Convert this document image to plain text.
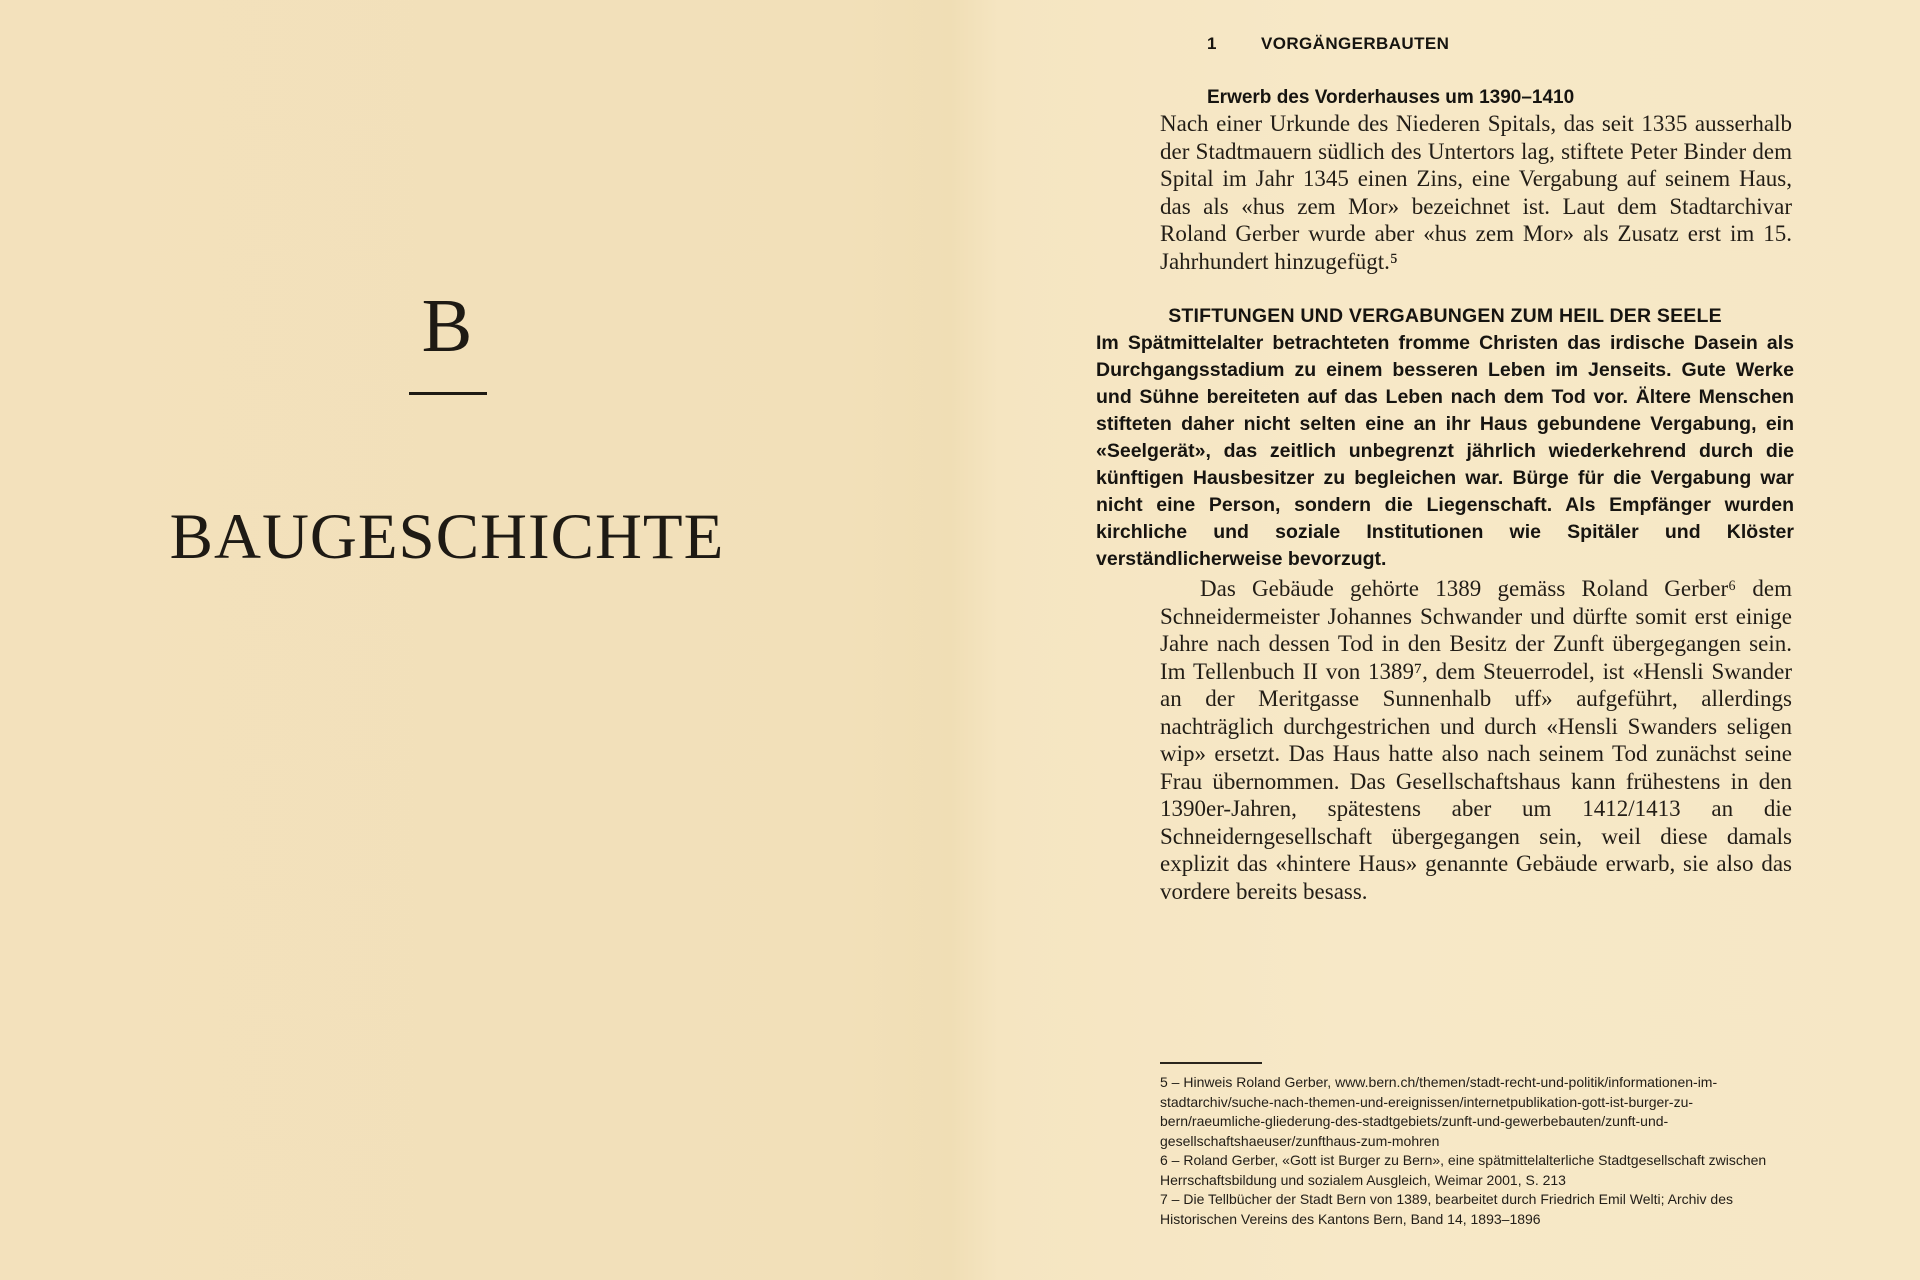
B
BAUGESCHICHTE
1	VORGÄNGERBAUTEN
Erwerb des Vorderhauses um 1390–1410
Nach einer Urkunde des Niederen Spitals, das seit 1335 ausserhalb der Stadtmauern südlich des Untertors lag, stiftete Peter Binder dem Spital im Jahr 1345 einen Zins, eine Vergabung auf seinem Haus, das als «hus zem Mor» bezeichnet ist. Laut dem Stadtarchivar Roland Gerber wurde aber «hus zem Mor» als Zusatz erst im 15. Jahrhundert hinzugefügt.⁵
STIFTUNGEN UND VERGABUNGEN ZUM HEIL DER SEELE
Im Spätmittelalter betrachteten fromme Christen das irdische Dasein als Durchgangsstadium zu einem besseren Leben im Jenseits. Gute Werke und Sühne bereiteten auf das Leben nach dem Tod vor. Ältere Menschen stifteten daher nicht selten eine an ihr Haus gebundene Vergabung, ein «Seelgerät», das zeitlich unbegrenzt jährlich wiederkehrend durch die künftigen Hausbesitzer zu begleichen war. Bürge für die Vergabung war nicht eine Person, sondern die Liegenschaft. Als Empfänger wurden kirchliche und soziale Institutionen wie Spitäler und Klöster verständlicherweise bevorzugt.
Das Gebäude gehörte 1389 gemäss Roland Gerber⁶ dem Schneidermeister Johannes Schwander und dürfte somit erst einige Jahre nach dessen Tod in den Besitz der Zunft übergegangen sein. Im Tellenbuch II von 1389⁷, dem Steuerrodel, ist «Hensli Swander an der Meritgasse Sunnenhalb uff» aufgeführt, allerdings nachträglich durchgestrichen und durch «Hensli Swanders seligen wip» ersetzt. Das Haus hatte also nach seinem Tod zunächst seine Frau übernommen. Das Gesellschaftshaus kann frühestens in den 1390er-Jahren, spätestens aber um 1412/1413 an die Schneiderngesellschaft übergegangen sein, weil diese damals explizit das «hintere Haus» genannte Gebäude erwarb, sie also das vordere bereits besass.
5 – Hinweis Roland Gerber, www.bern.ch/themen/stadt-recht-und-politik/informationen-im-stadtarchiv/suche-nach-themen-und-ereignissen/internetpublikation-gott-ist-burger-zu-bern/raeumliche-gliederung-des-stadtgebiets/zunft-und-gewerbebauten/zunft-und-gesellschaftshaeuser/zunfthaus-zum-mohren
6 – Roland Gerber, «Gott ist Burger zu Bern», eine spätmittelalterliche Stadtgesellschaft zwischen Herrschaftsbildung und sozialem Ausgleich, Weimar 2001, S. 213
7 – Die Tellbücher der Stadt Bern von 1389, bearbeitet durch Friedrich Emil Welti; Archiv des Historischen Vereins des Kantons Bern, Band 14, 1893–1896
